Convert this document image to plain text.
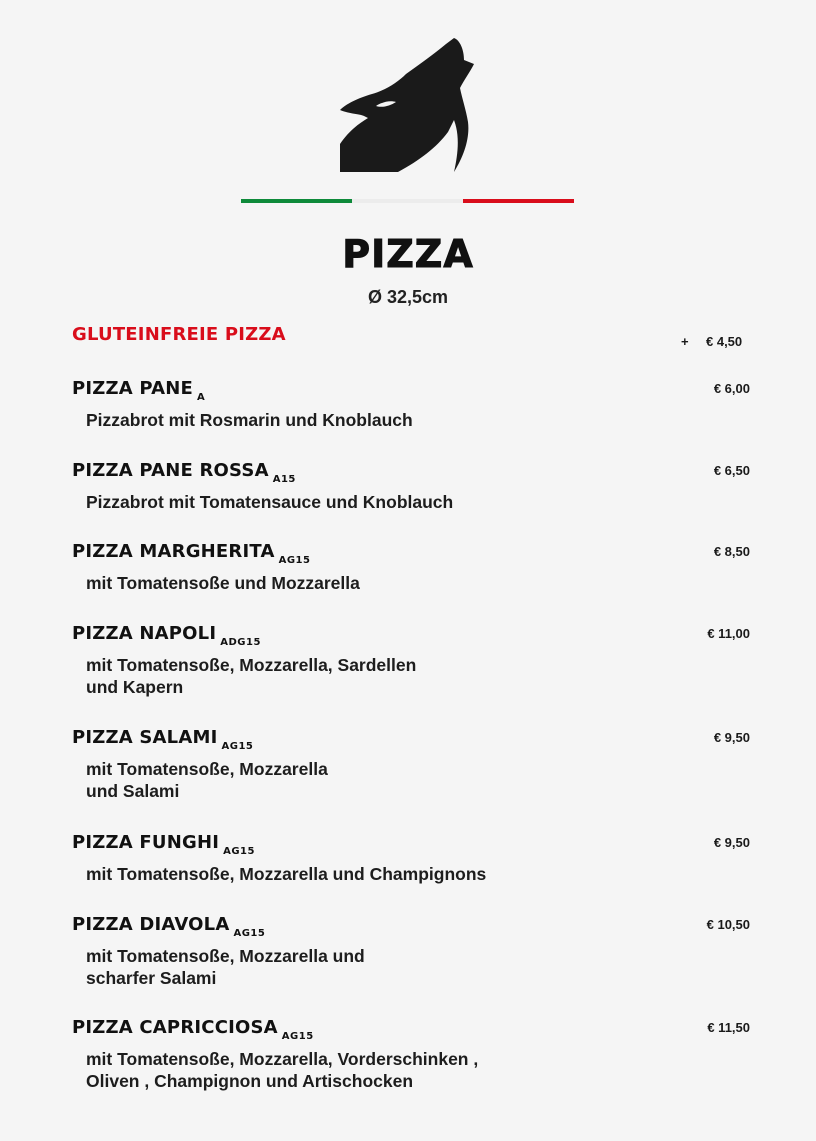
PIZZA
Ø 32,5cm
GLUTEINFREIE PIZZA	+ € 4,50
PIZZA PANE $_A$
Pizzabrot mit Rosmarin und Knoblauch
€ 6,00
PIZZA PANE ROSSA $_{A15}$
Pizzabrot mit Tomatensauce und Knoblauch
€ 6,50
PIZZA MARGHERITA $_{AG15}$
mit Tomatensoße und Mozzarella
€ 8,50
PIZZA NAPOLI $_{ADG15}$
mit Tomatensoße, Mozzarella, Sardellen
und Kapern
€ 11,00
PIZZA SALAMI $_{AG15}$
mit Tomatensoße, Mozzarella
und Salami
€ 9,50
PIZZA FUNGHI $_{AG15}$
mit Tomatensoße, Mozzarella und Champignons
€ 9,50
PIZZA DIAVOLA $_{AG15}$
mit Tomatensoße, Mozzarella und
scharfer Salami
€ 10,50
PIZZA CAPRICCIOSA $_{AG15}$
mit Tomatensoße, Mozzarella, Vorderschinken ,
Oliven , Champignon und Artischocken
€ 11,50
